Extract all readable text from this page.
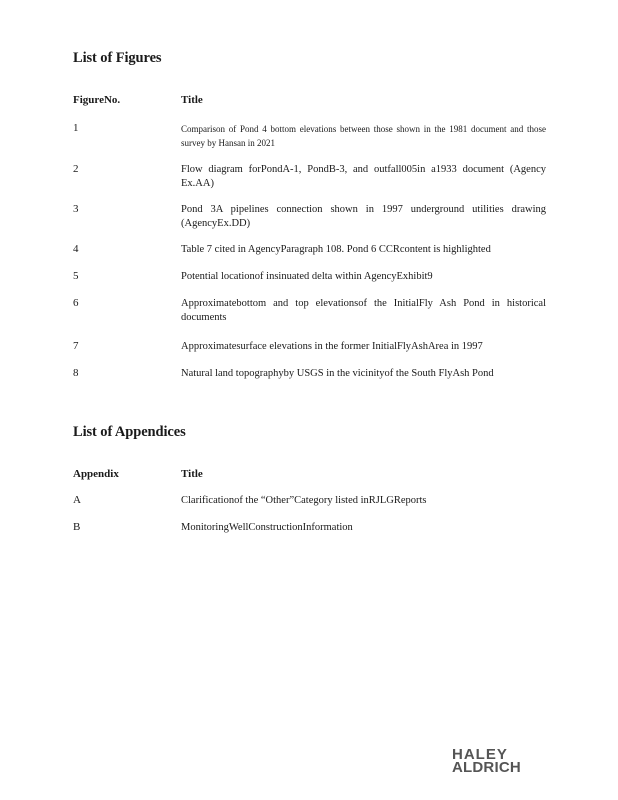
List of Figures
FigureNo.	Title
1	Comparison of Pond 4 bottom elevations between those shown in the 1981 document and those survey by Hansan in 2021
2	Flow diagram forPondA-1, PondB-3, and outfall005in a1933 document (Agency Ex.AA)
3	Pond 3A pipelines connection shown in 1997 underground utilities drawing (AgencyEx.DD)
4	Table 7 cited in AgencyParagraph 108. Pond 6 CCRcontent is highlighted
5	Potential locationof insinuated delta within AgencyExhibit9
6	Approximatebottom and top elevationsof the InitialFly Ash Pond in historical documents
7	Approximatesurface elevations in the former InitialFlyAshArea in 1997
8	Natural land topographyby USGS in the vicinityof the South FlyAsh Pond
List of Appendices
Appendix	Title
A	Clarificationof the “Other”Category listed inRJLGReports
B	MonitoringWellConstructionInformation
HALEY
ALDRICH
